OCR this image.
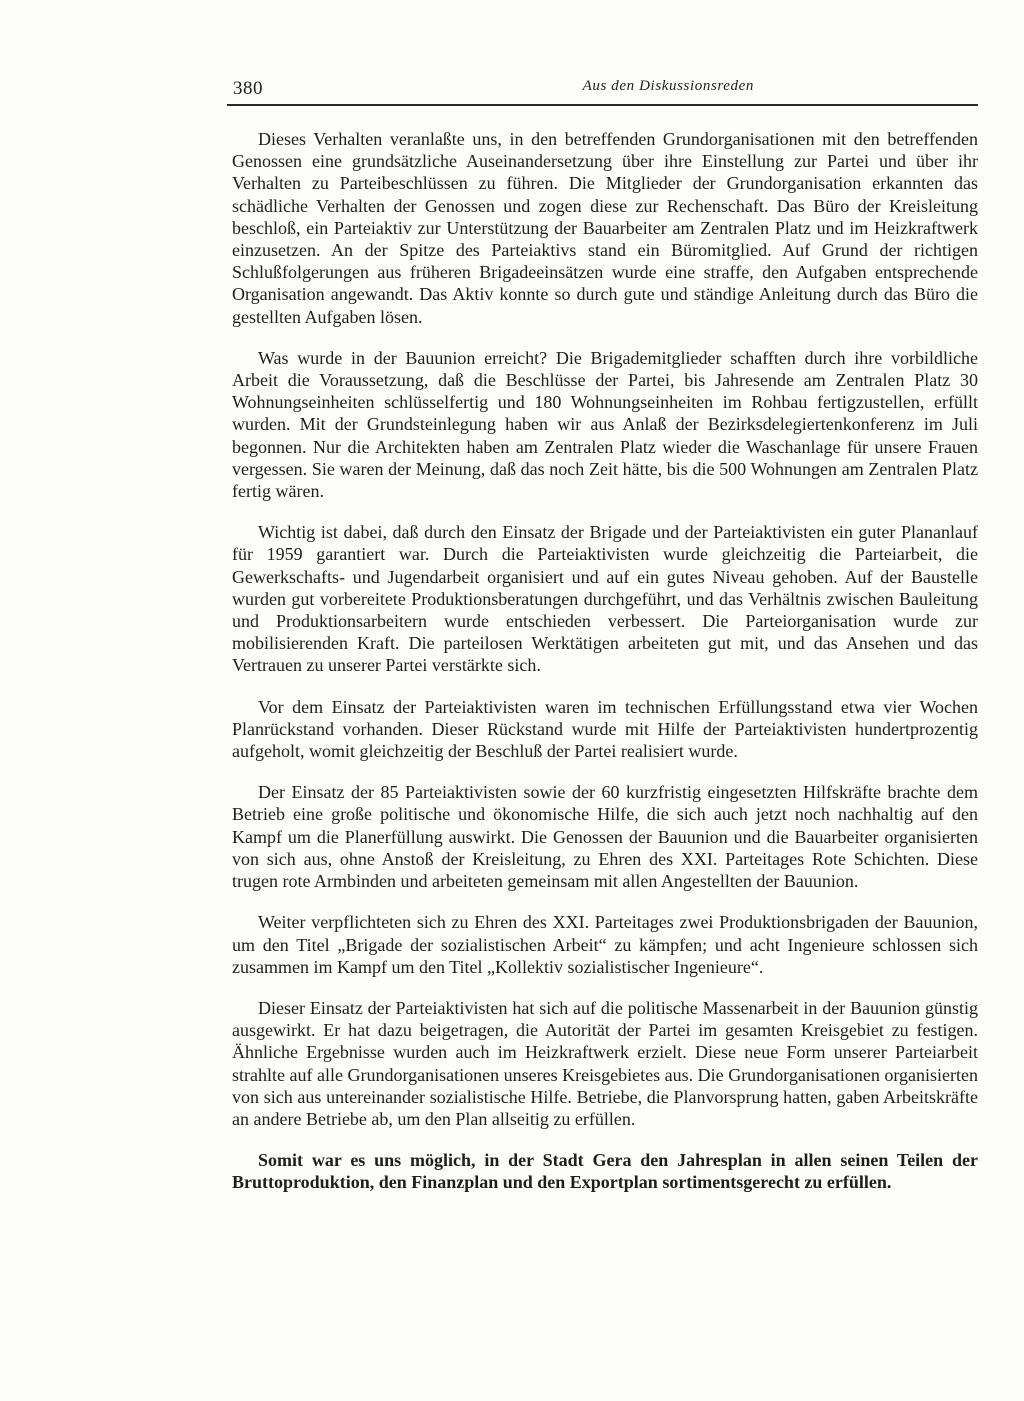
380	Aus den Diskussionsreden

Dieses Verhalten veranlaßte uns, in den betreffenden Grundorganisationen mit den betreffenden Genossen eine grundsätzliche Auseinandersetzung über ihre Einstellung zur Partei und über ihr Verhalten zu Parteibeschlüssen zu führen. Die Mitglieder der Grundorganisation erkannten das schädliche Verhalten der Genossen und zogen diese zur Rechenschaft. Das Büro der Kreisleitung beschloß, ein Parteiaktiv zur Unterstützung der Bauarbeiter am Zentralen Platz und im Heizkraftwerk einzusetzen. An der Spitze des Parteiaktivs stand ein Büromitglied. Auf Grund der richtigen Schlußfolgerungen aus früheren Brigadeeinsätzen wurde eine straffe, den Aufgaben entsprechende Organisation angewandt. Das Aktiv konnte so durch gute und ständige Anleitung durch das Büro die gestellten Aufgaben lösen.

Was wurde in der Bauunion erreicht? Die Brigademitglieder schafften durch ihre vorbildliche Arbeit die Voraussetzung, daß die Beschlüsse der Partei, bis Jahresende am Zentralen Platz 30 Wohnungseinheiten schlüsselfertig und 180 Wohnungseinheiten im Rohbau fertigzustellen, erfüllt wurden. Mit der Grundsteinlegung haben wir aus Anlaß der Bezirksdelegiertenkonferenz im Juli begonnen. Nur die Architekten haben am Zentralen Platz wieder die Waschanlage für unsere Frauen vergessen. Sie waren der Meinung, daß das noch Zeit hätte, bis die 500 Wohnungen am Zentralen Platz fertig wären.

Wichtig ist dabei, daß durch den Einsatz der Brigade und der Parteiaktivisten ein guter Plananlauf für 1959 garantiert war. Durch die Parteiaktivisten wurde gleichzeitig die Parteiarbeit, die Gewerkschafts- und Jugendarbeit organisiert und auf ein gutes Niveau gehoben. Auf der Baustelle wurden gut vorbereitete Produktionsberatungen durchgeführt, und das Verhältnis zwischen Bauleitung und Produktionsarbeitern wurde entschieden verbessert. Die Parteiorganisation wurde zur mobilisierenden Kraft. Die parteilosen Werktätigen arbeiteten gut mit, und das Ansehen und das Vertrauen zu unserer Partei verstärkte sich.

Vor dem Einsatz der Parteiaktivisten waren im technischen Erfüllungsstand etwa vier Wochen Planrückstand vorhanden. Dieser Rückstand wurde mit Hilfe der Parteiaktivisten hundertprozentig aufgeholt, womit gleichzeitig der Beschluß der Partei realisiert wurde.

Der Einsatz der 85 Parteiaktivisten sowie der 60 kurzfristig eingesetzten Hilfskräfte brachte dem Betrieb eine große politische und ökonomische Hilfe, die sich auch jetzt noch nachhaltig auf den Kampf um die Planerfüllung auswirkt. Die Genossen der Bauunion und die Bauarbeiter organisierten von sich aus, ohne Anstoß der Kreisleitung, zu Ehren des XXI. Parteitages Rote Schichten. Diese trugen rote Armbinden und arbeiteten gemeinsam mit allen Angestellten der Bauunion.

Weiter verpflichteten sich zu Ehren des XXI. Parteitages zwei Produktionsbrigaden der Bauunion, um den Titel „Brigade der sozialistischen Arbeit“ zu kämpfen; und acht Ingenieure schlossen sich zusammen im Kampf um den Titel „Kollektiv sozialistischer Ingenieure“.

Dieser Einsatz der Parteiaktivisten hat sich auf die politische Massenarbeit in der Bauunion günstig ausgewirkt. Er hat dazu beigetragen, die Autorität der Partei im gesamten Kreisgebiet zu festigen. Ähnliche Ergebnisse wurden auch im Heizkraftwerk erzielt. Diese neue Form unserer Parteiarbeit strahlte auf alle Grundorganisationen unseres Kreisgebietes aus. Die Grundorganisationen organisierten von sich aus untereinander sozialistische Hilfe. Betriebe, die Planvorsprung hatten, gaben Arbeitskräfte an andere Betriebe ab, um den Plan allseitig zu erfüllen.

Somit war es uns möglich, in der Stadt Gera den Jahresplan in allen seinen Teilen der Bruttoproduktion, den Finanzplan und den Exportplan sortimentsgerecht zu erfüllen.
